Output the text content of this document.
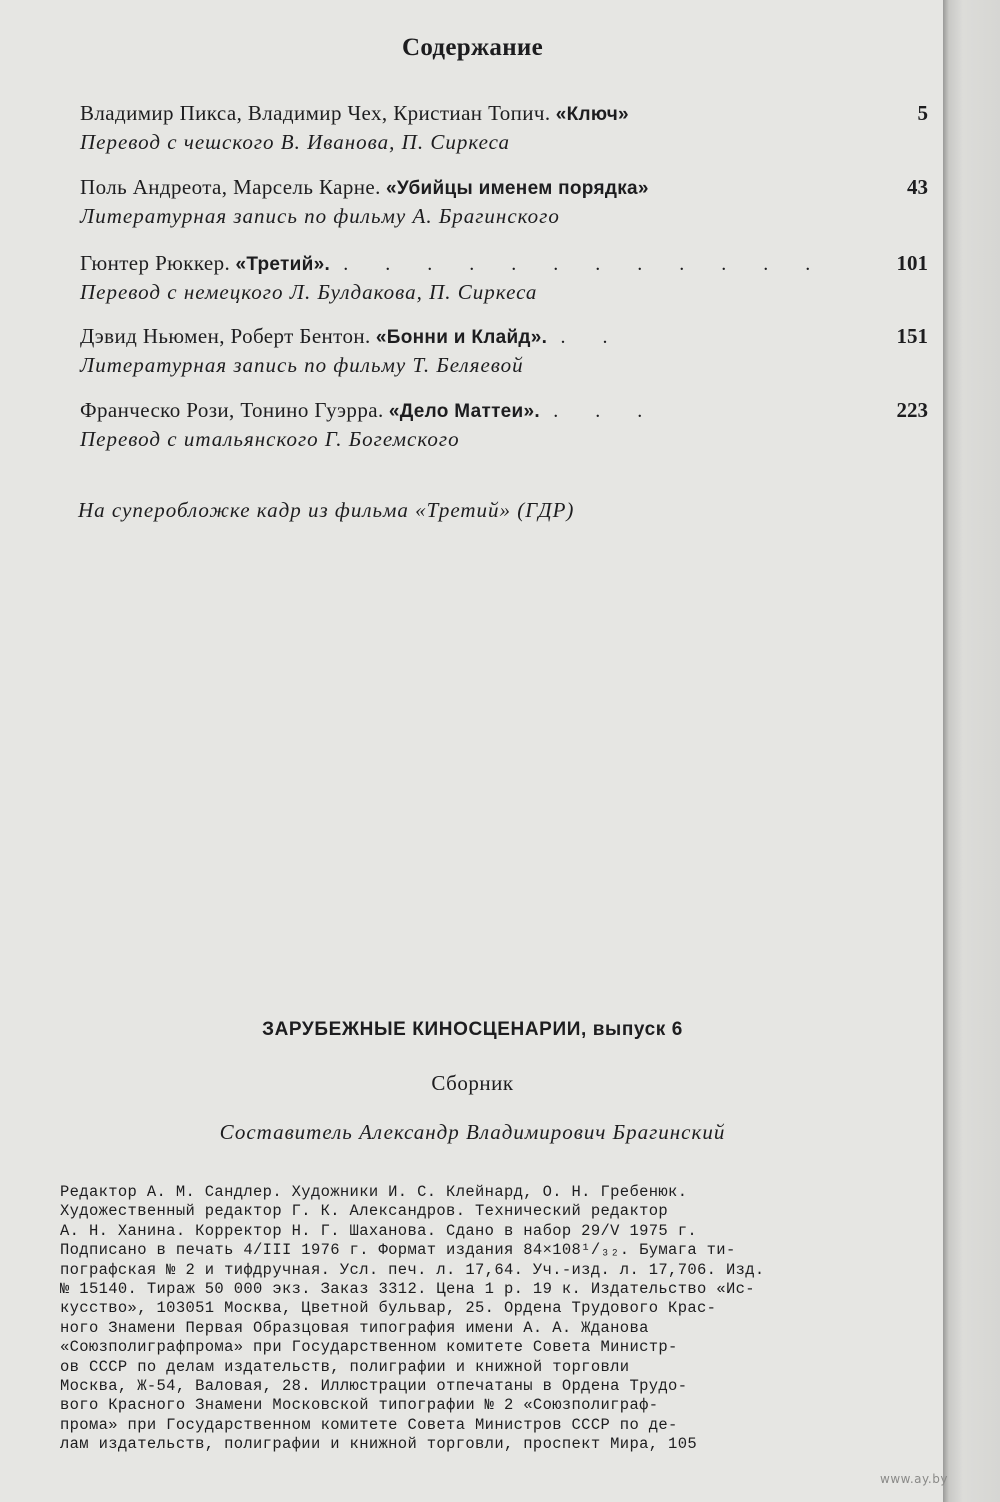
Содержание
Владимир Пикса, Владимир Чех, Кристиан Топич. «Ключ»	5
Перевод с чешского В. Иванова, П. Сиркеса
Поль Андреота, Марсель Карне. «Убийцы именем порядка»	43
Литературная запись по фильму А. Брагинского
Гюнтер Рюккер. «Третий». . . . . . . . . . . . .	101
Перевод с немецкого Л. Булдакова, П. Сиркеса
Дэвид Ньюмен, Роберт Бентон. «Бонни и Клайд». . .	151
Литературная запись по фильму Т. Беляевой
Франческо Рози, Тонино Гуэрра. «Дело Маттеи». . . .	223
Перевод с итальянского Г. Богемского
На суперобложке кадр из фильма «Третий» (ГДР)
ЗАРУБЕЖНЫЕ КИНОСЦЕНАРИИ, выпуск 6
Сборник
Составитель Александр Владимирович Брагинский
Редактор А. М. Сандлер. Художники И. С. Клейнард, О. Н. Гребенюк.
Художественный редактор Г. К. Александров. Технический редактор
А. Н. Ханина. Корректор Н. Г. Шаханова. Сдано в набор 29/V 1975 г.
Подписано в печать 4/III 1976 г. Формат издания 84×108¹/₃₂. Бумага ти-
пографская № 2 и тифдручная. Усл. печ. л. 17,64. Уч.-изд. л. 17,706. Изд.
№ 15140. Тираж 50 000 экз. Заказ 3312. Цена 1 р. 19 к. Издательство «Ис-
кусство», 103051 Москва, Цветной бульвар, 25. Ордена Трудового Крас-
ного Знамени Первая Образцовая типография имени А. А. Жданова
«Союзполиграфпрома» при Государственном комитете Совета Министр-
ов СССР по делам издательств, полиграфии и книжной торговли
Москва, Ж-54, Валовая, 28. Иллюстрации отпечатаны в Ордена Трудо-
вого Красного Знамени Московской типографии № 2 «Союзполиграф-
прома» при Государственном комитете Совета Министров СССР по де-
лам издательств, полиграфии и книжной торговли, проспект Мира, 105
www.ay.by
